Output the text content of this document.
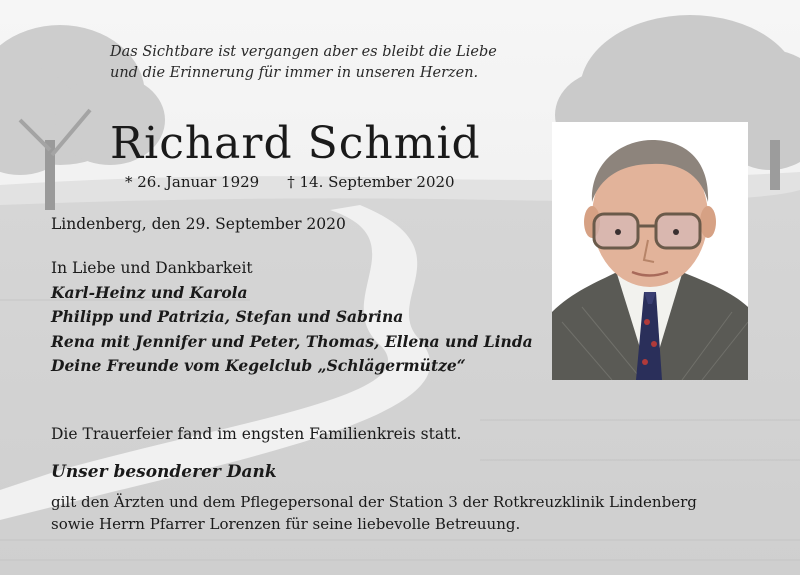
Das Sichtbare ist vergangen aber es bleibt die Liebe
und die Erinnerung für immer in unseren Herzen.
Richard Schmid
* 26. Januar 1929 † 14. September 2020
Lindenberg, den 29. September 2020
In Liebe und Dankbarkeit
Karl-Heinz und Karola
Philipp und Patrizia, Stefan und Sabrina
Rena mit Jennifer und Peter, Thomas, Ellena und Linda
Deine Freunde vom Kegelclub „Schlägermütze“
Die Trauerfeier fand im engsten Familienkreis statt.
Unser besonderer Dank
gilt den Ärzten und dem Pflegepersonal der Station 3 der Rotkreuzklinik Lindenberg
sowie Herrn Pfarrer Lorenzen für seine liebevolle Betreuung.
